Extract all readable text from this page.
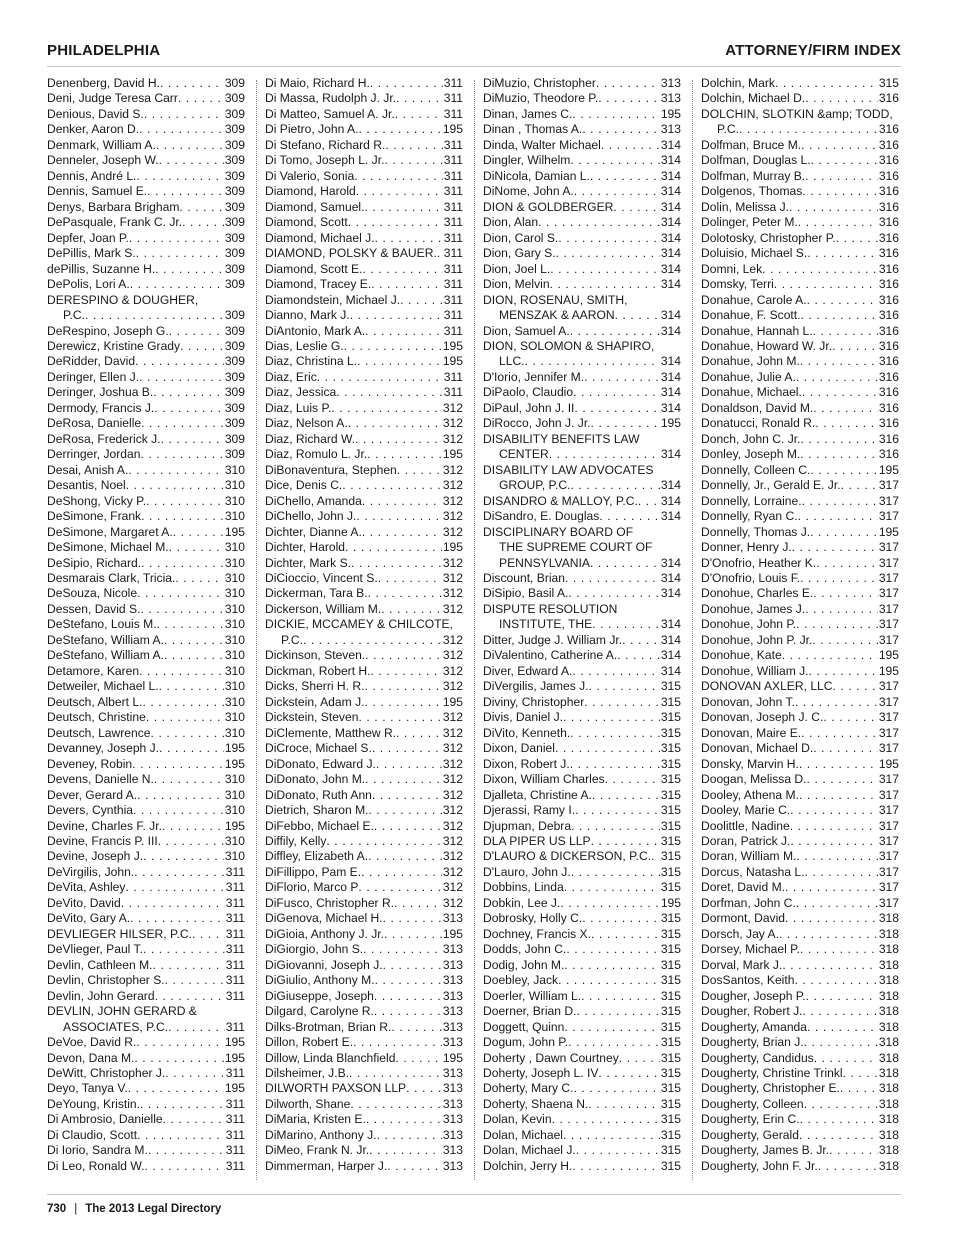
PHILADELPHIA	ATTORNEY/FIRM INDEX
Denenberg, David H. . . .	309
Deni, Judge Teresa Carr . . .	309
Denious, David S. . . .	309
Denker, Aaron D. . . .	309
Denmark, William A. . . .	309
Denneler, Joseph W. . . .	309
Dennis, André L. . . .	309
Dennis, Samuel E. . . .	309
Denys, Barbara Brigham . . .	309
DePasquale, Frank C. Jr. . . .	309
Depfer, Joan P. . . .	309
DePillis, Mark S. . . .	309
dePillis, Suzanne H. . . .	309
DePolis, Lori A. . . .	309
DERESPINO & DOUGHER,
P.C. . . .	309
DeRespino, Joseph G. . . .	309
Derewicz, Kristine Grady . . .	309
DeRidder, David . . .	309
Deringer, Ellen J. . . .	309
Deringer, Joshua B. . . .	309
Dermody, Francis J. . . .	309
DeRosa, Danielle . . .	309
DeRosa, Frederick J. . . .	309
Derringer, Jordan . . .	309
Desai, Anish A. . . .	310
Desantis, Noel . . .	310
DeShong, Vicky P. . . .	310
DeSimone, Frank . . .	310
DeSimone, Margaret A. . . .	195
DeSimone, Michael M. . . .	310
DeSipio, Richard. . . .	310
Desmarais Clark, Tricia. . . .	310
DeSouza, Nicole . . .	310
Dessen, David S. . . .	310
DeStefano, Louis M. . . .	310
DeStefano, William A. . . .	310
DeStefano, William A. . . .	310
Detamore, Karen . . .	310
Detweiler, Michael L. . . .	310
Deutsch, Albert L. . . .	310
Deutsch, Christine . . .	310
Deutsch, Lawrence . . .	310
Devanney, Joseph J. . . .	195
Deveney, Robin . . .	195
Devens, Danielle N. . . .	310
Dever, Gerard A. . . .	310
Devers, Cynthia . . .	310
Devine, Charles F. Jr. . . .	195
Devine, Francis P. III . . .	310
Devine, Joseph J. . . .	310
DeVirgilis, John. . . .	311
DeVita, Ashley . . .	311
DeVito, David . . .	311
DeVito, Gary A. . . .	311
DEVLIEGER HILSER, P.C. . . .	311
DeVlieger, Paul T. . . .	311
Devlin, Cathleen M. . . .	311
Devlin, Christopher S. . . .	311
Devlin, John Gerard . . .	311
DEVLIN, JOHN GERARD &
ASSOCIATES, P.C. . . .	311
DeVoe, David R. . . .	195
Devon, Dana M. . . .	195
DeWitt, Christopher J. . . .	311
Deyo, Tanya V. . . .	195
DeYoung, Kristin. . . .	311
Di Ambrosio, Danielle . . .	311
Di Claudio, Scott . . .	311
Di Iorio, Sandra M. . . .	311
Di Leo, Ronald W. . . .	311
Di Maio, Richard H. . . .	311
Di Massa, Rudolph J. Jr. . . .	311
Di Matteo, Samuel A. Jr. . . .	311
Di Pietro, John A. . . .	195
Di Stefano, Richard R. . . .	311
Di Tomo, Joseph L. Jr. . . .	311
Di Valerio, Sonia . . .	311
Diamond, Harold . . .	311
Diamond, Samuel. . . .	311
Diamond, Scott . . .	311
Diamond, Michael J. . . .	311
DIAMOND, POLSKY & BAUER. . . . 311
Diamond, Scott E. . . .	311
Diamond, Tracey E. . . .	311
Diamondstein, Michael J. . . .	311
Dianno, Mark J. . . .	311
DiAntonio, Mark A. . . .	311
Dias, Leslie G. . . .	195
Diaz, Christina L. . . .	195
Diaz, Eric . . .	311
Diaz, Jessica . . .	311
Diaz, Luis P. . . .	312
Diaz, Nelson A. . . .	312
Diaz, Richard W. . . .	312
Diaz, Romulo L. Jr. . . .	195
DiBonaventura, Stephen . . .	312
Dice, Denis C. . . .	312
DiChello, Amanda . . .	312
DiChello, John J. . . .	312
Dichter, Dianne A. . . .	312
Dichter, Harold . . .	195
Dichter, Mark S. . . .	312
DiCioccio, Vincent S. . . .	312
Dickerman, Tara B. . . .	312
Dickerson, William M. . . .	312
DICKIE, MCCAMEY & CHILCOTE,
P.C. . . .	312
Dickinson, Steven. . . .	312
Dickman, Robert H. . . .	312
Dicks, Sherri H. R. . . .	312
Dickstein, Adam J. . . .	195
Dickstein, Steven . . .	312
DiClemente, Matthew R. . . .	312
DiCroce, Michael S. . . .	312
DiDonato, Edward J. . . .	312
DiDonato, John M. . . .	312
DiDonato, Ruth Ann . . .	312
Dietrich, Sharon M. . . .	312
DiFebbo, Michael E. . . .	312
Diffily, Kelly . . .	312
Diffley, Elizabeth A. . . .	312
DiFillippo, Pam E. . . .	312
DiFlorio, Marco P . . .	312
DiFusco, Christopher R. . . .	312
DiGenova, Michael H. . . .	313
DiGioia, Anthony J. Jr. . . .	195
DiGiorgio, John S. . . .	313
DiGiovanni, Joseph J. . . .	313
DiGiulio, Anthony M. . . .	313
DiGiuseppe, Joseph . . .	313
Dilgard, Carolyne R. . . .	313
Dilks-Brotman, Brian R. . . .	313
Dillon, Robert E. . . .	313
Dillow, Linda Blanchfield . . .	195
Dilsheimer, J.B. . . .	313
DILWORTH PAXSON LLP . . .	313
Dilworth, Shane . . .	313
DiMaria, Kristen E. . . .	313
DiMarino, Anthony J. . . .	313
DiMeo, Frank N. Jr. . . .	313
Dimmerman, Harper J. . . .	313
DiMuzio, Christopher . . .	313
DiMuzio, Theodore P. . . .	313
Dinan, James C. . . .	195
Dinan , Thomas A. . . .	313
Dinda, Walter Michael . . .	314
Dingler, Wilhelm . . .	314
DiNicola, Damian L. . . .	314
DiNome, John A. . . .	314
DION & GOLDBERGER . . .	314
Dion, Alan . . .	314
Dion, Carol S. . . .	314
Dion, Gary S. . . .	314
Dion, Joel L. . . .	314
Dion, Melvin . . .	314
DION, ROSENAU, SMITH,
MENSZAK & AARON . . .	314
Dion, Samuel A. . . .	314
DION, SOLOMON & SHAPIRO,
LLC. . . .	314
D'Iorio, Jennifer M. . . .	314
DiPaolo, Claudio . . .	314
DiPaul, John J. II . . .	314
DiRocco, John J. Jr. . . .	195
DISABILITY BENEFITS LAW
CENTER . . .	314
DISABILITY LAW ADVOCATES
GROUP, P.C. . . .	314
DISANDRO & MALLOY, P.C. . . . 314
DiSandro, E. Douglas . . .	314
DISCIPLINARY BOARD OF
THE SUPREME COURT OF
PENNSYLVANIA . . .	314
Discount, Brian . . .	314
DiSipio, Basil A. . . .	314
DISPUTE RESOLUTION
INSTITUTE, THE . . .	314
Ditter, Judge J. William Jr. . . .	314
DiValentino, Catherine A. . . .	314
Diver, Edward A. . . .	314
DiVergilis, James J. . . .	315
Diviny, Christopher . . .	315
Divis, Daniel J. . . .	315
DiVito, Kenneth. . . .	315
Dixon, Daniel . . .	315
Dixon, Robert J. . . .	315
Dixon, William Charles . . .	315
Djalleta, Christine A. . . .	315
Djerassi, Ramy I. . . .	315
Djupman, Debra . . .	315
DLA PIPER US LLP . . .	315
D'LAURO & DICKERSON, P.C. . . . 315
D'Lauro, John J. . . .	315
Dobbins, Linda . . .	315
Dobkin, Lee J. . . .	195
Dobrosky, Holly C. . . .	315
Dochney, Francis X. . . .	315
Dodds, John C. . . .	315
Dodig, John M. . . .	315
Doebley, Jack . . .	315
Doerler, William L. . . .	315
Doerner, Brian D. . . .	315
Doggett, Quinn . . .	315
Dogum, John P. . . .	315
Doherty , Dawn Courtney . . .	315
Doherty, Joseph L. IV . . .	315
Doherty, Mary C. . . .	315
Doherty, Shaena N. . . .	315
Dolan, Kevin . . .	315
Dolan, Michael . . .	315
Dolan, Michael J. . . .	315
Dolchin, Jerry H. . . .	315
Dolchin, Mark . . .	315
Dolchin, Michael D. . . .	316
DOLCHIN, SLOTKIN &amp; TODD,
P.C. . . .	316
Dolfman, Bruce M. . . .	316
Dolfman, Douglas L. . . .	316
Dolfman, Murray B. . . .	316
Dolgenos, Thomas . . .	316
Dolin, Melissa J. . . .	316
Dolinger, Peter M. . . .	316
Dolotosky, Christopher P. . . .	316
Doluisio, Michael S. . . .	316
Domni, Lek . . .	316
Domsky, Terri . . .	316
Donahue, Carole A. . . .	316
Donahue, F. Scott. . . .	316
Donahue, Hannah L. . . .	316
Donahue, Howard W. Jr. . . .	316
Donahue, John M. . . .	316
Donahue, Julie A. . . .	316
Donahue, Michael. . . .	316
Donaldson, David M. . . .	316
Donatucci, Ronald R. . . .	316
Donch, John C. Jr. . . .	316
Donley, Joseph M. . . .	316
Donnelly, Colleen C. . . .	195
Donnelly, Jr., Gerald E. Jr. . . .	317
Donnelly, Lorraine. . . .	317
Donnelly, Ryan C. . . .	317
Donnelly, Thomas J. . . .	195
Donner, Henry J. . . .	317
D'Onofrio, Heather K. . . .	317
D'Onofrio, Louis F. . . .	317
Donohue, Charles E. . . .	317
Donohue, James J. . . .	317
Donohue, John P. . . .	317
Donohue, John P. Jr. . . .	317
Donohue, Kate . . .	195
Donohue, William J. . . .	195
DONOVAN AXLER, LLC . . .	317
Donovan, John T. . . .	317
Donovan, Joseph J. C. . . .	317
Donovan, Maire E. . . .	317
Donovan, Michael D. . . .	317
Donsky, Marvin H. . . .	195
Doogan, Melissa D. . . .	317
Dooley, Athena M. . . .	317
Dooley, Marie C. . . .	317
Doolittle, Nadine . . .	317
Doran, Patrick J. . . .	317
Doran, William M. . . .	317
Dorcus, Natasha L. . . .	317
Doret, David M. . . .	317
Dorfman, John C. . . .	317
Dormont, David . . .	318
Dorsch, Jay A. . . .	318
Dorsey, Michael P. . . .	318
Dorval, Mark J. . . .	318
DosSantos, Keith . . .	318
Dougher, Joseph P. . . .	318
Dougher, Robert J. . . .	318
Dougherty, Amanda . . .	318
Dougherty, Brian J. . . .	318
Dougherty, Candidus . . .	318
Dougherty, Christine Trinkl . . .	318
Dougherty, Christopher E. . . .	318
Dougherty, Colleen . . .	318
Dougherty, Erin C. . . .	318
Dougherty, Gerald . . .	318
Dougherty, James B. Jr. . . .	318
Dougherty, John F. Jr. . . .	318
730 | The 2013 Legal Directory
